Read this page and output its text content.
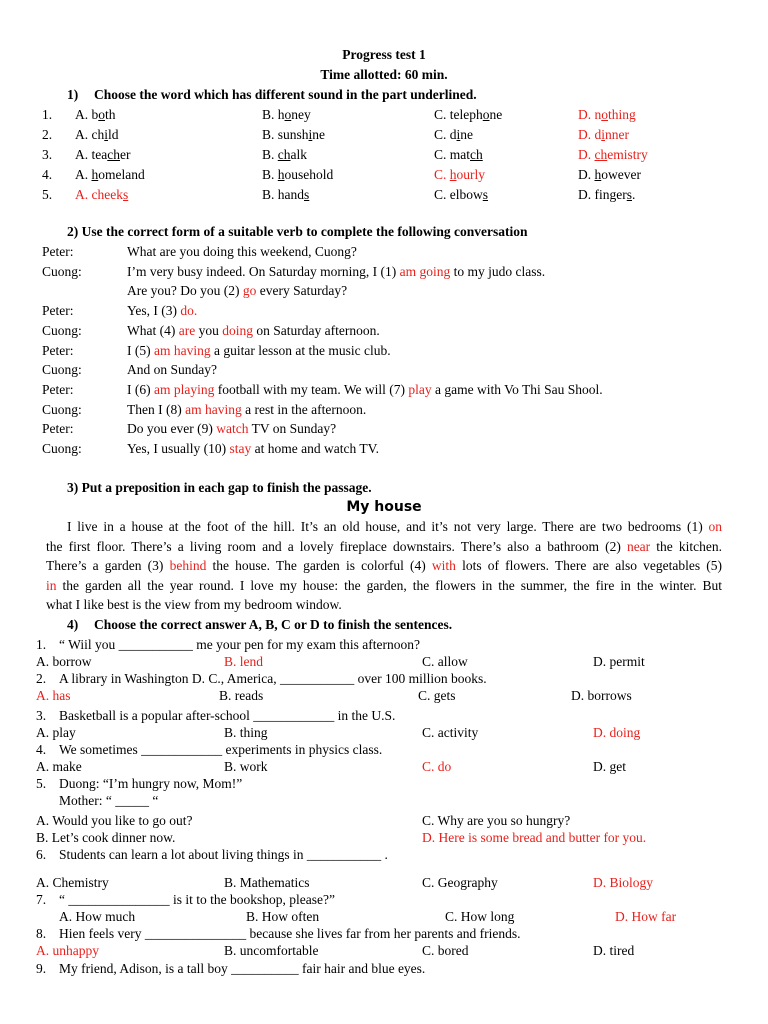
Progress test 1
Time allotted: 60 min.
1) Choose the word which has different sound in the part underlined.
1. A. both	B. honey	C. telephone	D. nothing
2. A. child	B. sunshine	C. dine	D. dinner
3. A. teacher	B. chalk	C. match	D. chemistry
4. A. homeland	B. household	C. hourly	D. however
5. A. cheeks	B. hands	C. elbows	D. fingers.
2) Use the correct form of a suitable verb to complete the following conversation
Peter:	What are you doing this weekend, Cuong?
Cuong:	I’m very busy indeed. On Saturday morning, I (1) am going to my judo class.
Are you? Do you (2) go every Saturday?
Peter:	Yes, I (3) do.
Cuong:	What (4) are you doing on Saturday afternoon.
Peter:	I (5) am having a guitar lesson at the music club.
Cuong:	And on Sunday?
Peter:	I (6) am playing football with my team. We will (7) play a game with Vo Thi Sau Shool.
Cuong:	Then I (8) am having a rest in the afternoon.
Peter:	Do you ever (9) watch TV on Sunday?
Cuong:	Yes, I usually (10) stay at home and watch TV.
3) Put a preposition in each gap to finish the passage.
My house
I live in a house at the foot of the hill. It’s an old house, and it’s not very large. There are two bedrooms (1) on
the first floor. There’s a living room and a lovely fireplace downstairs. There’s also a bathroom (2) near the kitchen.
There’s a garden (3) behind the house. The garden is colorful (4) with lots of flowers. There are also vegetables (5)
in the garden all the year round. I love my house: the garden, the flowers in the summer, the fire in the winter. But
what I like best is the view from my bedroom window.
4) Choose the correct answer A, B, C or D to finish the sentences.
1. “ Wiil you ___________ me your pen for my exam this afternoon?
A. borrow	B. lend	C. allow	D. permit
2. A library in Washington D. C., America, ___________ over 100 million books.
A. has	B. reads	C. gets	D. borrows
3. Basketball is a popular after-school ____________ in the U.S.
A. play	B. thing	C. activity	D. doing
4. We sometimes ____________ experiments in physics class.
A. make	B. work	C. do	D. get
5. Duong: “I’m hungry now, Mom!”
Mother: “ _____ “
A. Would you like to go out?	C. Why are you so hungry?
B. Let’s cook dinner now.	D. Here is some bread and butter for you.
6. Students can learn a lot about living things in ___________ .
A. Chemistry	B. Mathematics	C. Geography	D. Biology
7. “ _______________ is it to the bookshop, please?”
A. How much	B. How often	C. How long	D. How far
8. Hien feels very _______________ because she lives far from her parents and friends.
A. unhappy	B. uncomfortable	C. bored	D. tired
9. My friend, Adison, is a tall boy __________ fair hair and blue eyes.
